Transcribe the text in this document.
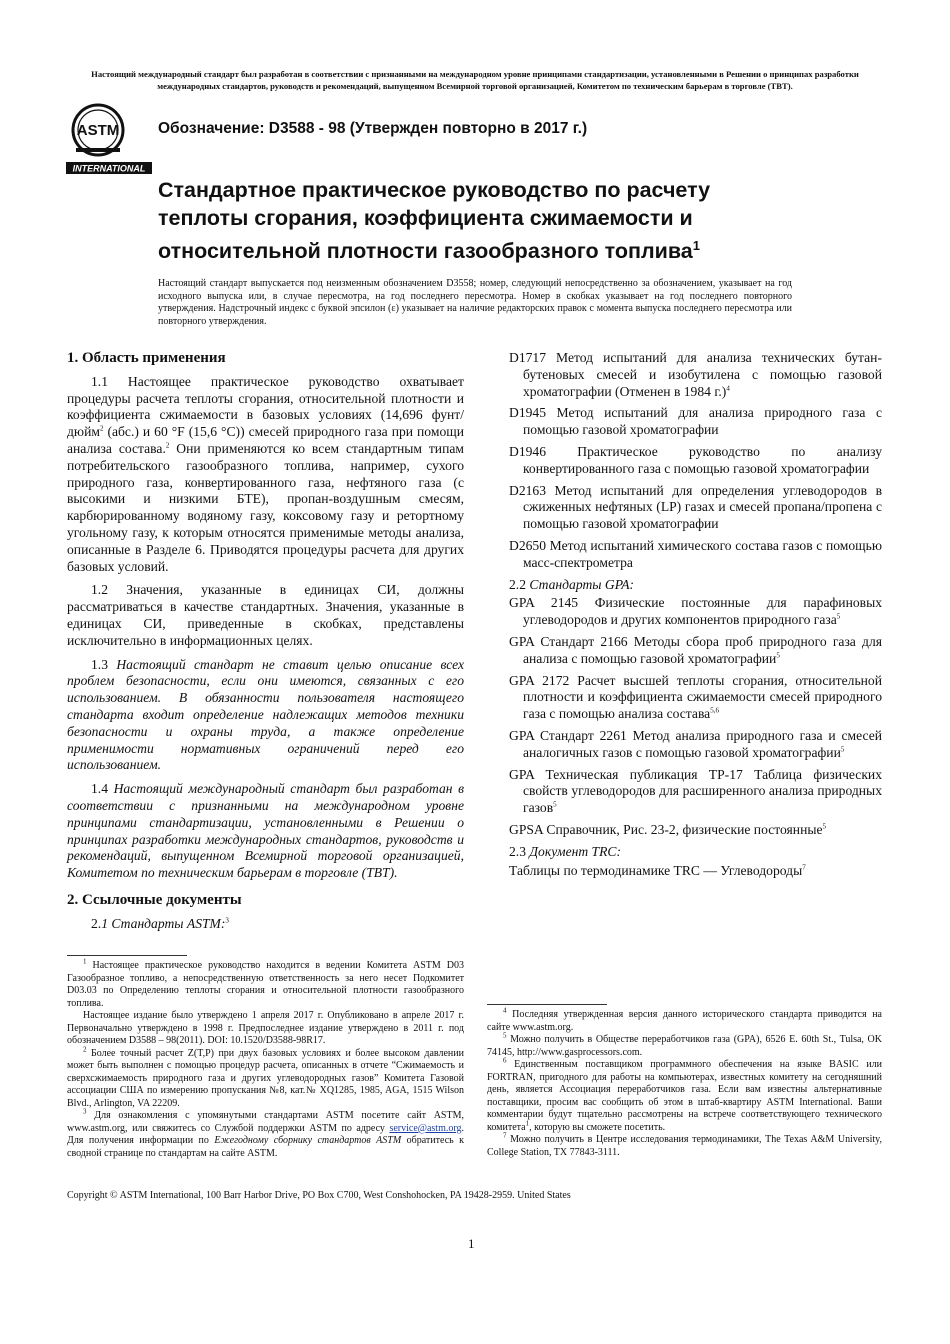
Настоящий международный стандарт был разработан в соответствии с признанными на международном уровне принципами стандартизации, установленными в Решении о принципах разработки международных стандартов, руководств и рекомендаций, выпущенном Всемирной торговой организацией, Комитетом по техническим барьерам в торговле (TBT).
ASTM
INTERNATIONAL
Обозначение: D3588 - 98 (Утвержден повторно в 2017 г.)
Стандартное практическое руководство по расчету теплоты сгорания, коэффициента сжимаемости и относительной плотности газообразного топлива$^1$
Настоящий стандарт выпускается под неизменным обозначением D3558; номер, следующий непосредственно за обозначением, указывает на год исходного выпуска или, в случае пересмотра, на год последнего пересмотра. Номер в скобках указывает на год последнего повторного утверждения. Надстрочный индекс с буквой эпсилон (ε) указывает на наличие редакторских правок с момента выпуска последнего пересмотра или повторного утверждения.
1. Область применения

1.1 Настоящее практическое руководство охватывает процедуры расчета теплоты сгорания, относительной плотности и коэффициента сжимаемости в базовых условиях (14,696 фунт/дюйм$^2$ (абс.) и 60 °F (15,6 °C)) смесей природного газа при помощи анализа состава.$^2$ Они применяются ко всем стандартным типам потребительского газообразного топлива, например, сухого природного газа, конвертированного газа, нефтяного газа (с высокими и низкими БТЕ), пропан-воздушным смесям, карбюрированному водяному газу, коксовому газу и ретортному угольному газу, к которым относятся применимые методы анализа, описанные в Разделе 6. Приводятся процедуры расчета для других базовых условий.

1.2 Значения, указанные в единицах СИ, должны рассматриваться в качестве стандартных. Значения, указанные в единицах СИ, приведенные в скобках, представлены исключительно в информационных целях.

1.3 Настоящий стандарт не ставит целью описание всех проблем безопасности, если они имеются, связанных с его использованием. В обязанности пользователя настоящего стандарта входит определение надлежащих методов техники безопасности и охраны труда, а также определение применимости нормативных ограничений перед его использованием.

1.4 Настоящий международный стандарт был разработан в соответствии с признанными на международном уровне принципами стандартизации, установленными в Решении о принципах разработки международных стандартов, руководств и рекомендаций, выпущенном Всемирной торговой организацией, Комитетом по техническим барьерам в торговле (TBT).

2. Ссылочные документы

2.1 Стандарты ASTM:$^3$

D1717 Метод испытаний для анализа технических бутан-бутеновых смесей и изобутилена с помощью газовой хроматографии (Отменен в 1984 г.)$^4$

D1945 Метод испытаний для анализа природного газа с помощью газовой хроматографии

D1946 Практическое руководство по анализу конвертированного газа с помощью газовой хроматографии

D2163 Метод испытаний для определения углеводородов в сжиженных нефтяных (LP) газах и смесей пропана/пропена с помощью газовой хроматографии

D2650 Метод испытаний химического состава газов с помощью масс-спектрометра

2.2 Стандарты GPA:

GPA 2145 Физические постоянные для парафиновых углеводородов и других компонентов природного газа$^5$

GPA Стандарт 2166 Методы сбора проб природного газа для анализа с помощью газовой хроматографии$^5$

GPA 2172 Расчет высшей теплоты сгорания, относительной плотности и коэффициента сжимаемости смесей природного газа с помощью анализа состава$^{5,6}$

GPA Стандарт 2261 Метод анализа природного газа и смесей аналогичных газов с помощью газовой хроматографии$^5$

GPA Техническая публикация TP-17 Таблица физических свойств углеводородов для расширенного анализа природных газов$^5$

GPSA Справочник, Рис. 23-2, физические постоянные$^5$

2.3 Документ TRC:

Таблицы по термодинамике TRC — Углеводороды$^7$

$^1$ Настоящее практическое руководство находится в ведении Комитета ASTM D03 Газообразное топливо, а непосредственную ответственность за него несет Подкомитет D03.03 по Определению теплоты сгорания и относительной плотности газообразного топлива.

Настоящее издание было утверждено 1 апреля 2017 г. Опубликовано в апреле 2017 г. Первоначально утверждено в 1998 г. Предпоследнее издание утверждено в 2011 г. под обозначением D3588 – 98(2011). DOI: 10.1520/D3588-98R17.

$^2$ Более точный расчет Z(T,P) при двух базовых условиях и более высоком давлении может быть выполнен с помощью процедур расчета, описанных в отчете “Сжимаемость и сверхсжимаемость природного газа и других углеводородных газов” Комитета Газовой ассоциации США по измерению пропускания №8, кат.№ XQ1285, 1985, AGA, 1515 Wilson Blvd., Arlington, VA 22209.

$^3$ Для ознакомления с упомянутыми стандартами ASTM посетите сайт ASTM, www.astm.org, или свяжитесь со Службой поддержки ASTM по адресу service@astm.org. Для получения информации по Ежегодному сборнику стандартов ASTM обратитесь к сводной странице по стандартам на сайте ASTM.

$^4$ Последняя утвержденная версия данного исторического стандарта приводится на сайте www.astm.org.

$^5$ Можно получить в Обществе переработчиков газа (GPA), 6526 E. 60th St., Tulsa, OK 74145, http://www.gasprocessors.com.

$^6$ Единственным поставщиком программного обеспечения на языке BASIC или FORTRAN, пригодного для работы на компьютерах, известных комитету на сегодняшний день, является Ассоциация переработчиков газа. Если вам известны альтернативные поставщики, просим вас сообщить об этом в штаб-квартиру ASTM International. Ваши комментарии будут тщательно рассмотрены на встрече соответствующего технического комитета$^1$, которую вы сможете посетить.

$^7$ Можно получить в Центре исследования термодинамики, The Texas A&M University, College Station, TX 77843-3111.

Copyright © ASTM International, 100 Barr Harbor Drive, PO Box C700, West Conshohocken, PA 19428-2959. United States
1
